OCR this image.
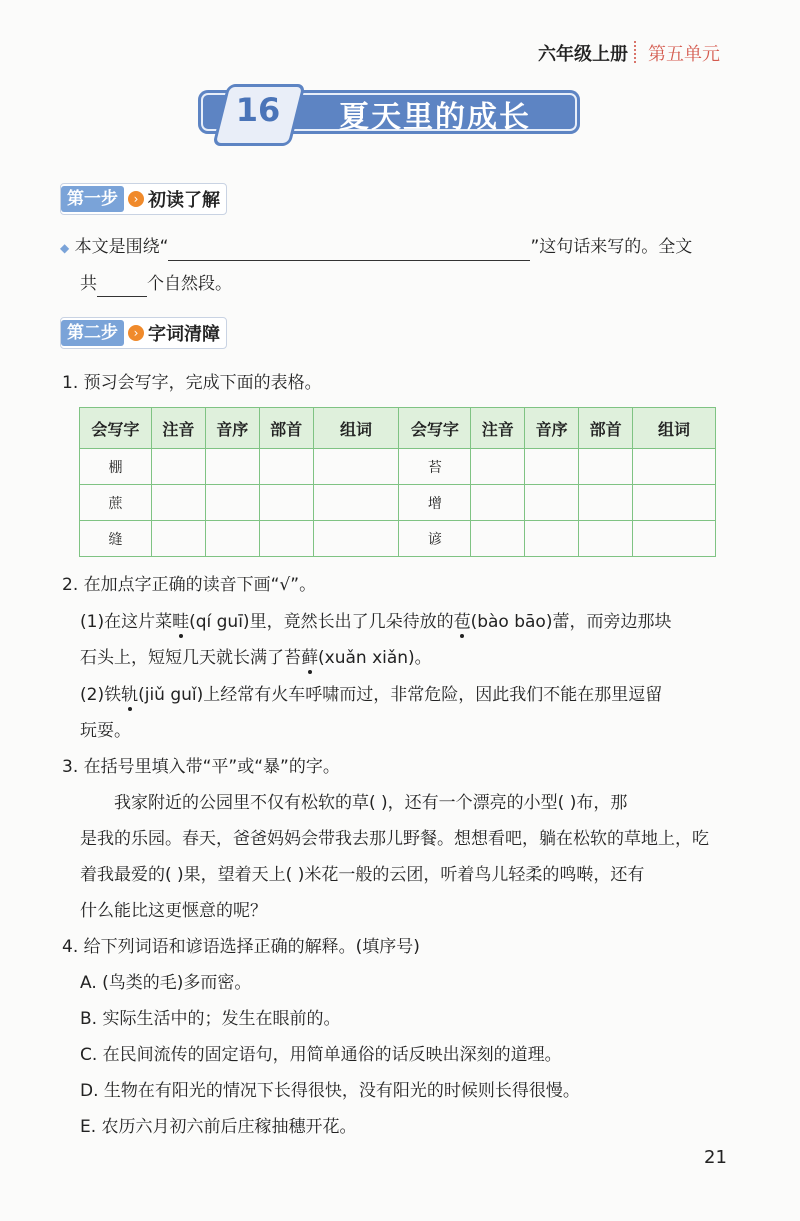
六年级上册 第五单元
16	夏天里的成长
第一步	› 初读了解
◆ 本文是围绕“	”这句话来写的。全文
共	个自然段。
第二步	› 字词清障
1. 预习会写字，完成下面的表格。
会写字	注音	音序	部首	组词	会写字	注音	音序	部首	组词
棚					苔				
蔗					增				
缝					谚				
2. 在加点字正确的读音下画“√”。
(1)在这片菜畦(qí guī)里，竟然长出了几朵待放的苞(bào bāo)蕾，而旁边那块
石头上，短短几天就长满了苔藓(xuǎn xiǎn)。
(2)铁轨(jiǔ guǐ)上经常有火车呼啸而过，非常危险，因此我们不能在那里逗留
玩耍。
3. 在括号里填入带“平”或“暴”的字。
我家附近的公园里不仅有松软的草( )，还有一个漂亮的小型( )布，那
是我的乐园。春天，爸爸妈妈会带我去那儿野餐。想想看吧，躺在松软的草地上，吃
着我最爱的( )果，望着天上( )米花一般的云团，听着鸟儿轻柔的鸣啭，还有
什么能比这更惬意的呢？
4. 给下列词语和谚语选择正确的解释。(填序号)
A. (鸟类的毛)多而密。
B. 实际生活中的；发生在眼前的。
C. 在民间流传的固定语句，用简单通俗的话反映出深刻的道理。
D. 生物在有阳光的情况下长得很快，没有阳光的时候则长得很慢。
E. 农历六月初六前后庄稼抽穗开花。
21
